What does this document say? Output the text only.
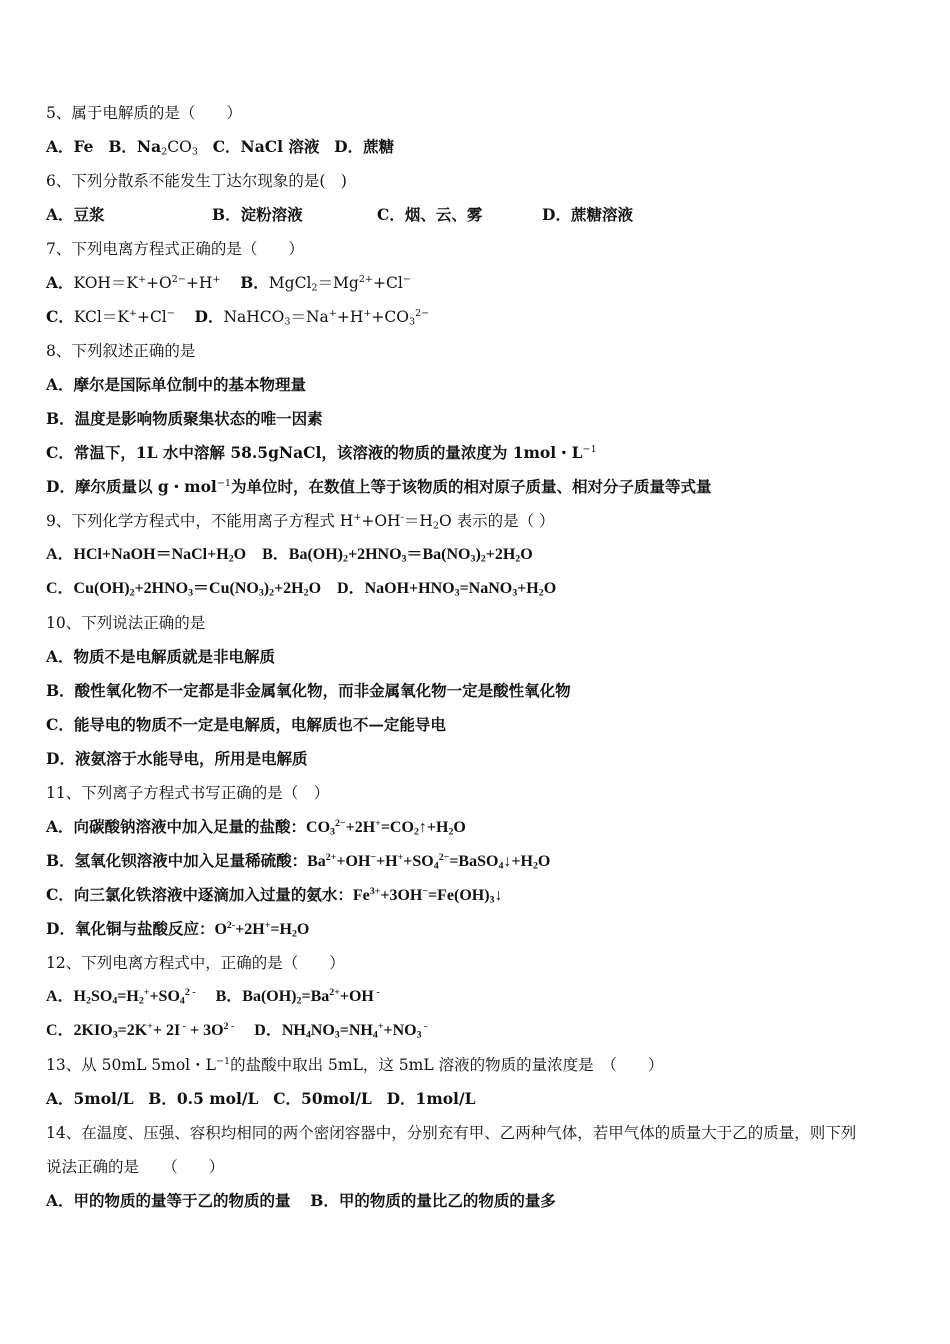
5、属于电解质的是（　　）
A．Fe B．$Na_2CO_3$ C．NaCl 溶液 D．蔗糖
6、下列分散系不能发生丁达尔现象的是(　)
A．豆浆	B．淀粉溶液	C．烟、云、雾	D．蔗糖溶液
7、下列电离方程式正确的是（　　）
A．$KOH=K^++O^{2-}+H^+$ B．$MgCl_2=Mg^{2+}+Cl^-$
C．KCl＝K++Cl− D．$NaHCO_3=Na^++H^++CO_3^{2-}$
8、下列叙述正确的是
A．摩尔是国际单位制中的基本物理量
B．温度是影响物质聚集状态的唯一因素
C．常温下，1L 水中溶解 58.5gNaCl，该溶液的物质的量浓度为 1mol・$L^{-1}$
D．摩尔质量以 g・mol$^{-1}$为单位时，在数值上等于该物质的相对原子质量、相对分子质量等式量
9、下列化学方程式中，不能用离子方程式 $H^++OH^-=H_2O$ 表示的是（ ）
A．$HCl+NaOH=NaCl+H_2O$ B．$Ba(OH)_2+2HNO_3=Ba(NO_3)_2+2H_2O$
C．$Cu(OH)_2+2HNO_3=Cu(NO_3)_2+2H_2O$ D．$NaOH+HNO_3=NaNO_3+H_2O$
10、下列说法正确的是
A．物质不是电解质就是非电解质
B．酸性氧化物不一定都是非金属氧化物，而非金属氧化物一定是酸性氧化物
C．能导电的物质不一定是电解质，电解质也不—定能导电
D．液氨溶于水能导电，所用是电解质
11、下列离子方程式书写正确的是（　）
A．向碳酸钠溶液中加入足量的盐酸：$CO_3^{2-}+2H^+=CO_2↑+H_2O$
B．氢氧化钡溶液中加入足量稀硫酸：$Ba^{2+}+OH^-+H^++SO_4^{2-}=BaSO_4↓+H_2O$
C．向三氯化铁溶液中逐滴加入过量的氨水：$Fe^{3+}+3OH^-=Fe(OH)_3↓$
D．氧化铜与盐酸反应：$O^{2-}+2H^+=H_2O$
12、下列电离方程式中，正确的是（　　）
A．$H_2SO_4=H_2^++SO_4^{2 -}$ B．$Ba(OH)_2=Ba^{2+}+OH$ -
C．$2KIO_3=2K^++ 2I$ $^- + 3O^{2 -}$ D．$NH_4NO_3=NH_4^++NO_3$ -
13、从 50mL 5mol・$L^{-1}$的盐酸中取出 5mL，这 5mL 溶液的物质的量浓度是　（　　）
A．5mol/L B．0.5 mol/L C．50mol/L D．1mol/L
14、在温度、压强、容积均相同的两个密闭容器中，分别充有甲、乙两种气体，若甲气体的质量大于乙的质量，则下列
说法正确的是　　（　　）
A．甲的物质的量等于乙的物质的量 B．甲的物质的量比乙的物质的量多
